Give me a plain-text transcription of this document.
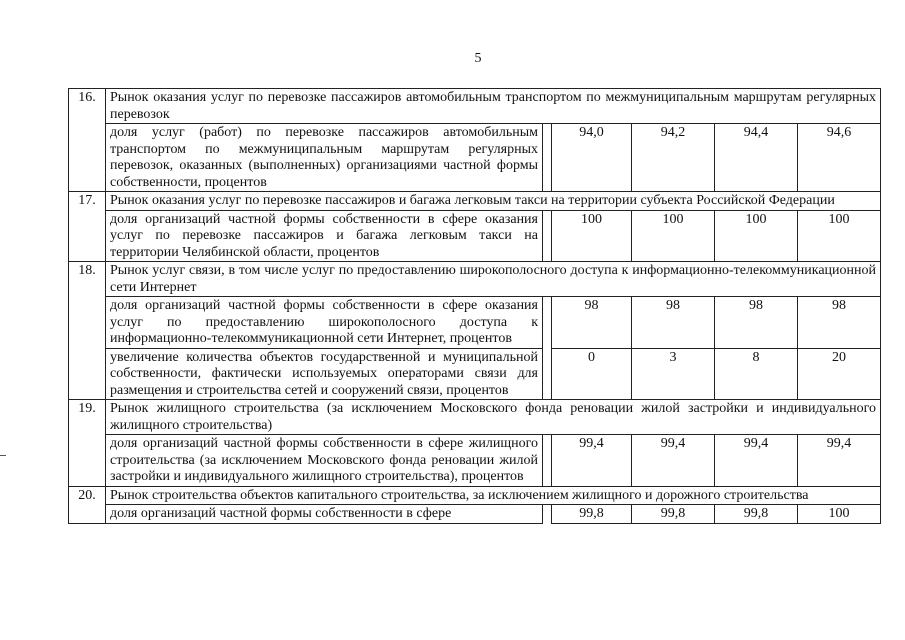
5
16.	Рынок оказания услуг по перевозке пассажиров автомобильным транспортом по межмуниципальным маршрутам регулярных перевозок					
	доля услуг (работ) по перевозке пассажиров автомобильным транспортом по межмуниципальным маршрутам регулярных перевозок, оказанных (выполненных) организациями частной формы собственности, процентов		94,0	94,2	94,4	94,6
17.	Рынок оказания услуг по перевозке пассажиров и багажа легковым такси на территории субъекта Российской Федерации					
	доля организаций частной формы собственности в сфере оказания услуг по перевозке пассажиров и багажа легковым такси на территории Челябинской области, процентов		100	100	100	100
18.	Рынок услуг связи, в том числе услуг по предоставлению широкополосного доступа к информационно-телекоммуникационной сети Интернет					
	доля организаций частной формы собственности в сфере оказания услуг по предоставлению широкополосного доступа к информационно-телекоммуникационной сети Интернет, процентов		98	98	98	98
	увеличение количества объектов государственной и муниципальной собственности, фактически используемых операторами связи для размещения и строительства сетей и сооружений связи, процентов		0	3	8	20
19.	Рынок жилищного строительства (за исключением Московского фонда реновации жилой застройки и индивидуального жилищного строительства)					
	доля организаций частной формы собственности в сфере жилищного строительства (за исключением Московского фонда реновации жилой застройки и индивидуального жилищного строительства), процентов		99,4	99,4	99,4	99,4
20.	Рынок строительства объектов капитального строительства, за исключением жилищного и дорожного строительства					
	доля организаций частной формы собственности в сфере		99,8	99,8	99,8	100
